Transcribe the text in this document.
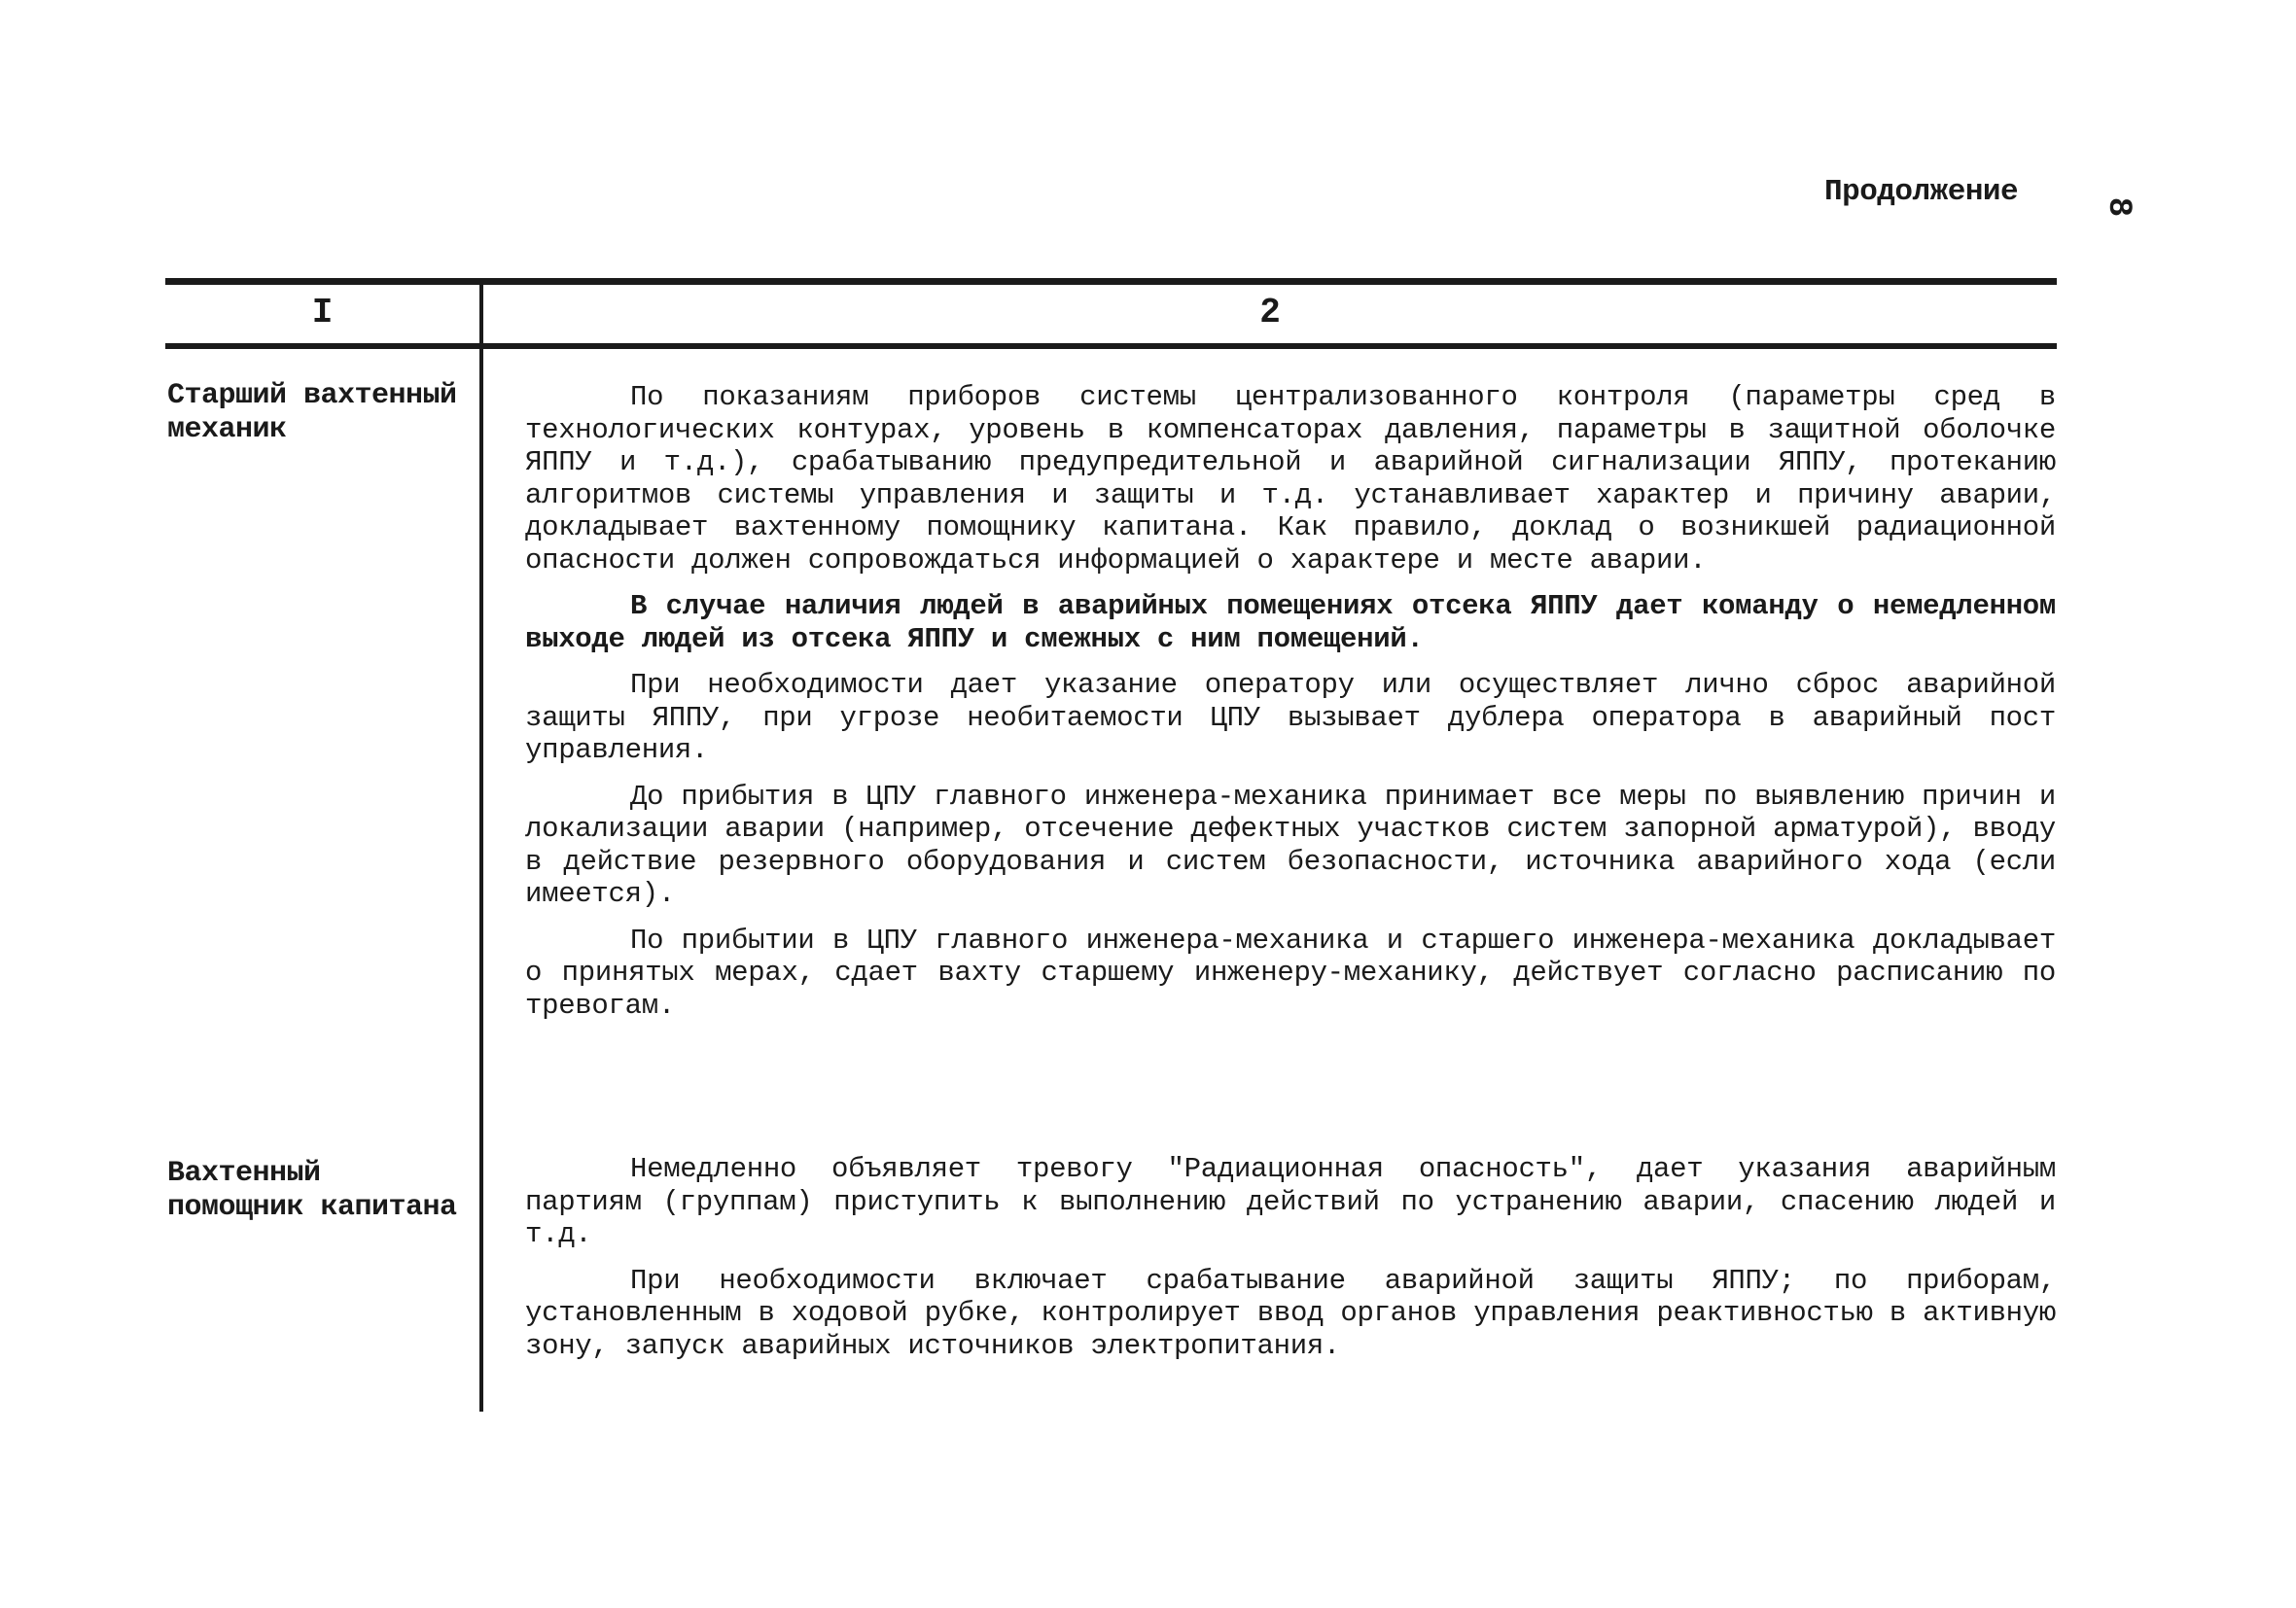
Продолжение 8
I	2
Старший вахтенный механик

По показаниям приборов системы централизованного контроля (параметры сред в технологических контурах, уровень в компенсаторах давления, параметры в защитной оболочке ЯППУ и т.д.), срабатыванию предупредительной и аварийной сигнализации ЯППУ, протеканию алгоритмов системы управления и защиты и т.д. устанавливает характер и причину аварии, докладывает вахтенному помощнику капитана. Как правило, доклад о возникшей радиационной опасности должен сопровождаться информацией о характере и месте аварии.

В случае наличия людей в аварийных помещениях отсека ЯППУ дает команду о немедленном выходе людей из отсека ЯППУ и смежных с ним помещений.

При необходимости дает указание оператору или осуществляет лично сброс аварийной защиты ЯППУ, при угрозе необитаемости ЦПУ вызывает дублера оператора в аварийный пост управления.

До прибытия в ЦПУ главного инженера-механика принимает все меры по выявлению причин и локализации аварии (например, отсечение дефектных участков систем запорной арматурой), вводу в действие резервного оборудования и систем безопасности, источника аварийного хода (если имеется).

По прибытии в ЦПУ главного инженера-механика и старшего инженера-механика докладывает о принятых мерах, сдает вахту старшему инженеру-механику, действует согласно расписанию по тревогам.

Вахтенный помощник капитана

Немедленно объявляет тревогу "Радиационная опасность", дает указания аварийным партиям (группам) приступить к выполнению действий по устранению аварии, спасению людей и т.д.

При необходимости включает срабатывание аварийной защиты ЯППУ; по приборам, установленным в ходовой рубке, контролирует ввод органов управления реактивностью в активную зону, запуск аварийных источников электропитания.
